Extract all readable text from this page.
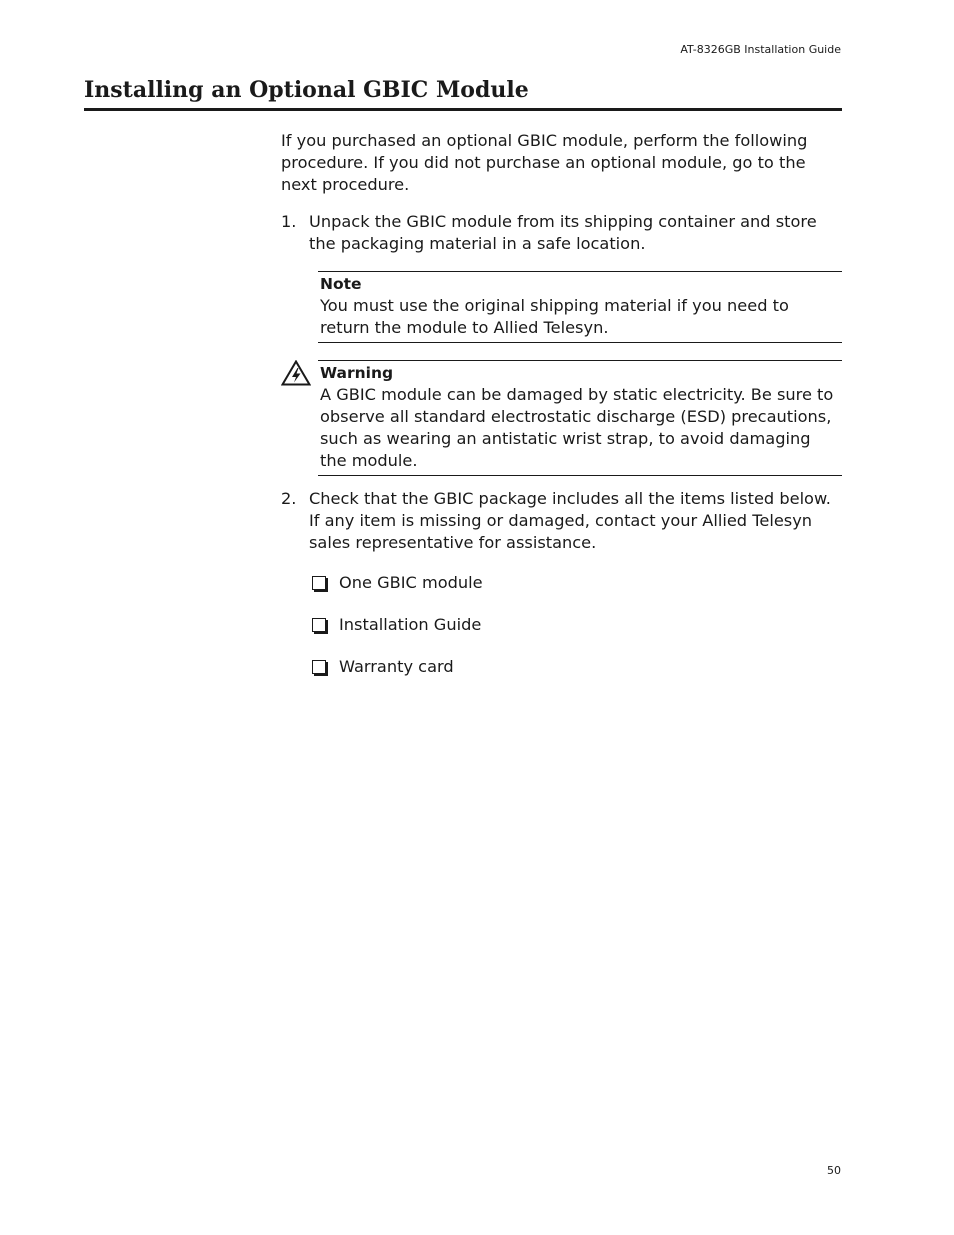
AT-8326GB Installation Guide
Installing an Optional GBIC Module

If you purchased an optional GBIC module, perform the following procedure. If you did not purchase an optional module, go to the next procedure.

1. Unpack the GBIC module from its shipping container and store the packaging material in a safe location.
Note

You must use the original shipping material if you need to return the module to Allied Telesyn.

Warning

A GBIC module can be damaged by static electricity. Be sure to observe all standard electrostatic discharge (ESD) precautions, such as wearing an antistatic wrist strap, to avoid damaging the module.

2. Check that the GBIC package includes all the items listed below. If any item is missing or damaged, contact your Allied Telesyn sales representative for assistance.
One GBIC module
Installation Guide
Warranty card
50
